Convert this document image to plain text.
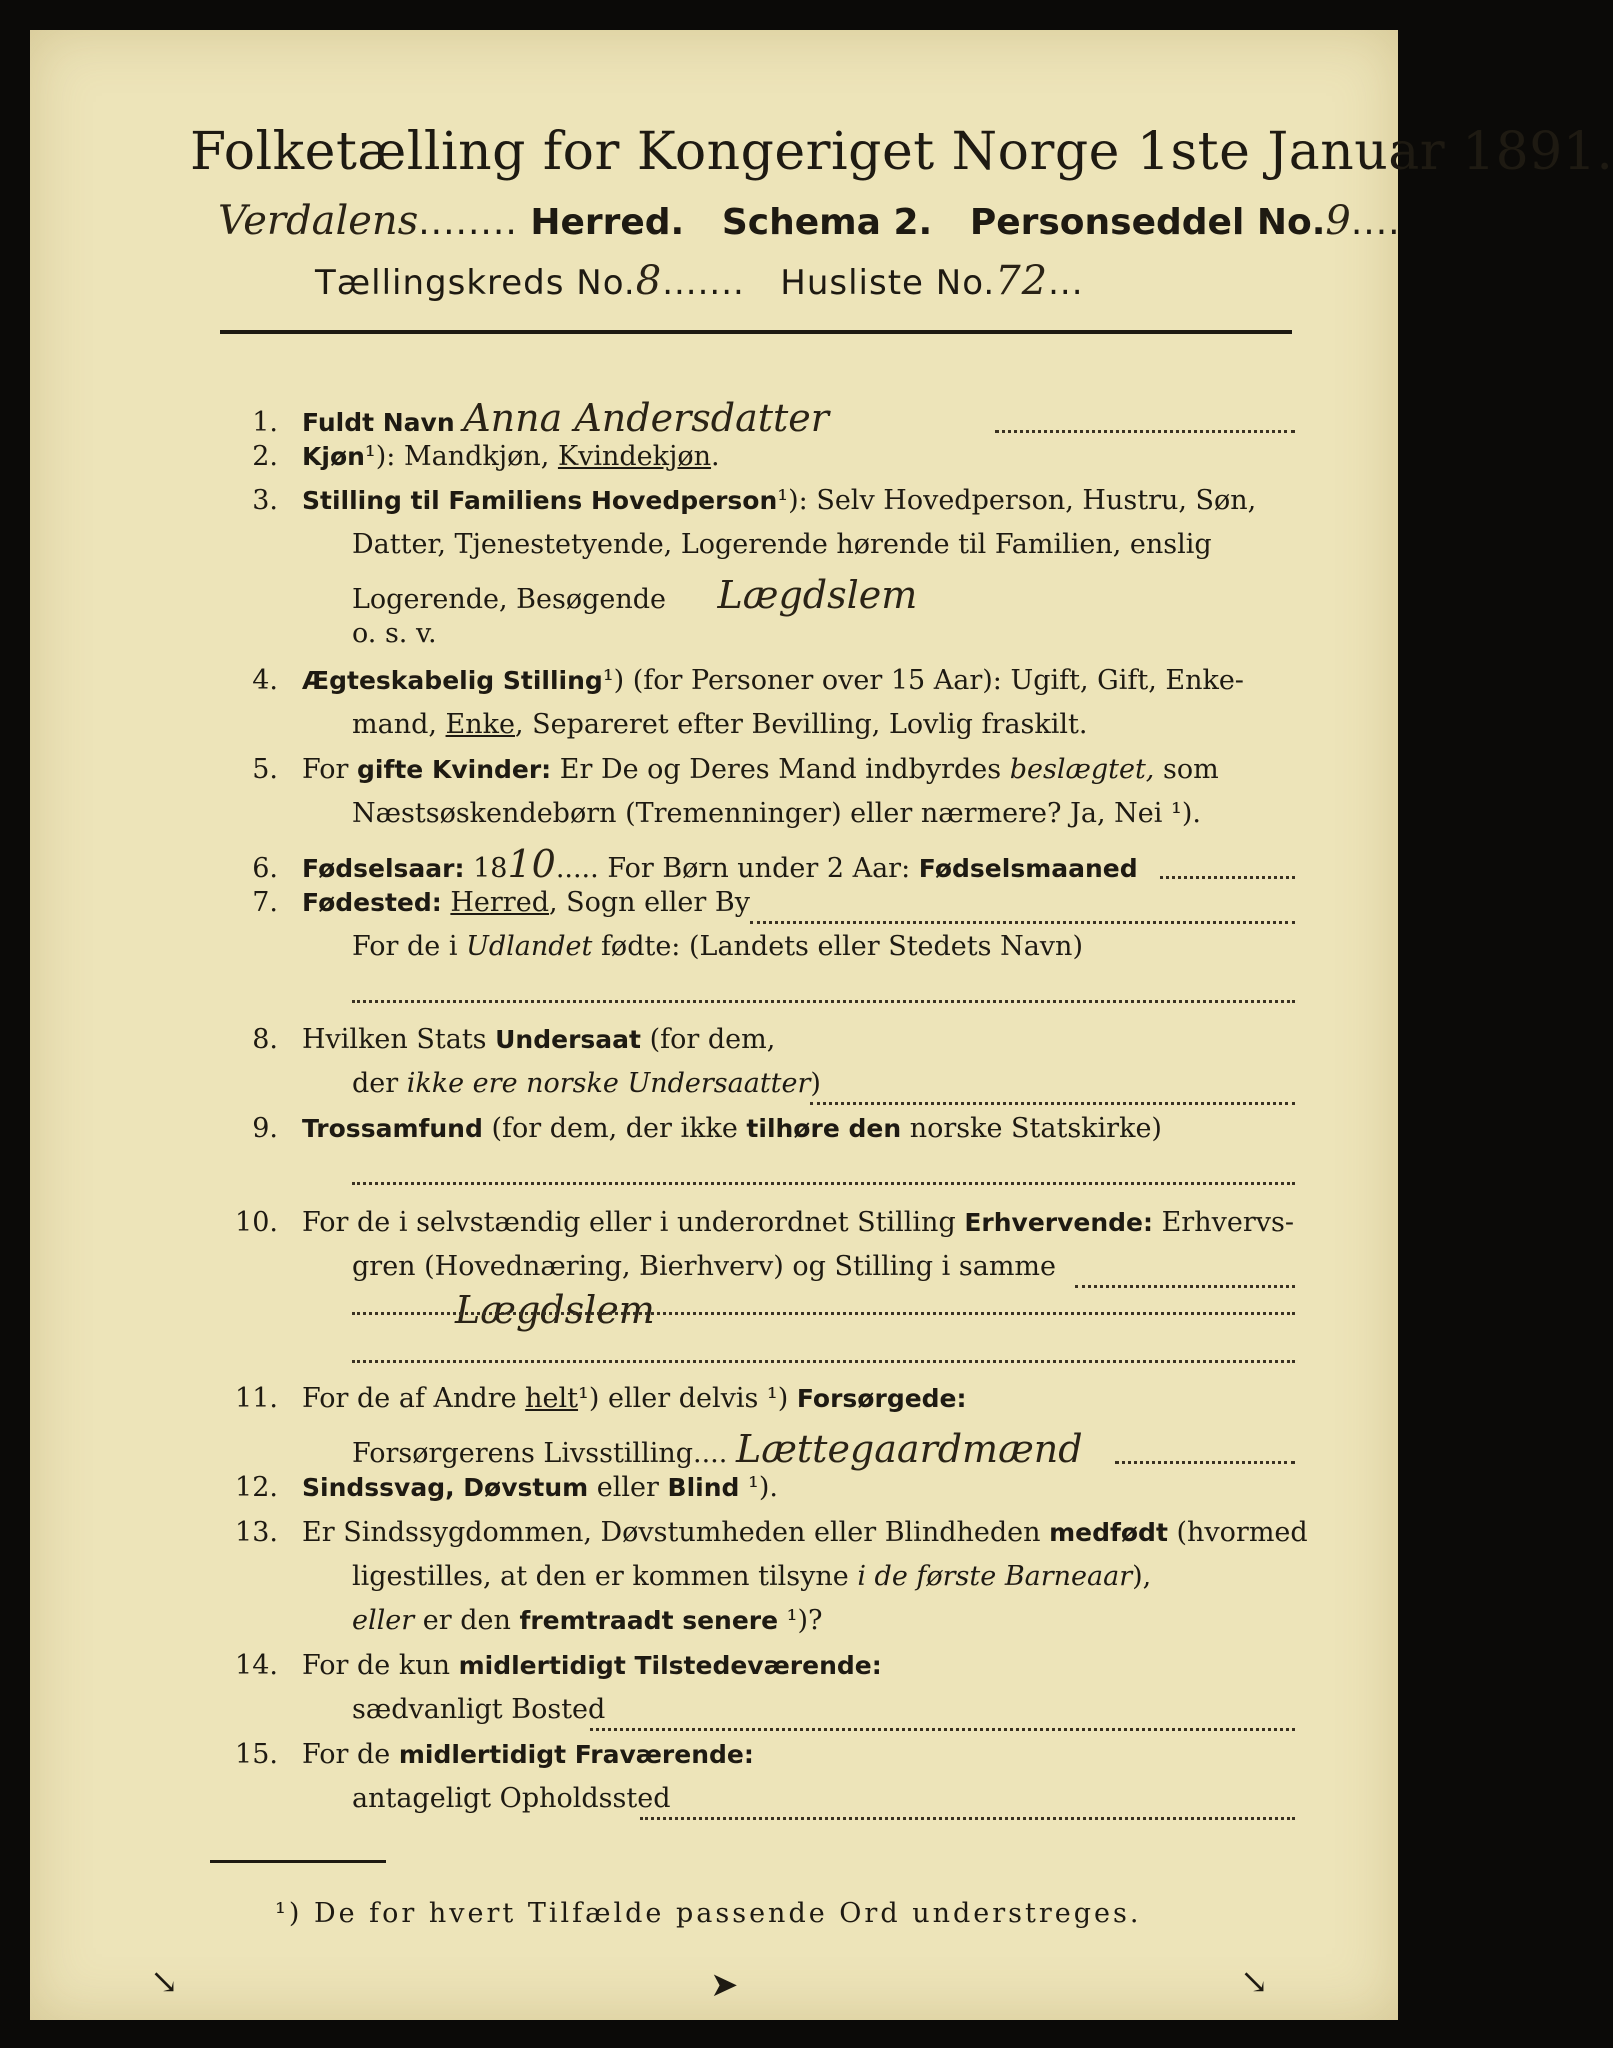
Folketælling for Kongeriget Norge 1ste Januar 1891.
Verdalens........ Herred. Schema 2. Personseddel No.9....
Tællingskreds No.8....... Husliste No.72...
1. Fuldt Navn Anna Andersdatter
2. Kjøn¹): Mandkjøn, Kvindekjøn.
3. Stilling til Familiens Hovedperson¹): Selv Hovedperson, Hustru, Søn,
Datter, Tjenestetyende, Logerende hørende til Familien, enslig
Logerende, Besøgende Lægdslem
o. s. v.
4. Ægteskabelig Stilling¹) (for Personer over 15 Aar): Ugift, Gift, Enke-
mand, Enke, Separeret efter Bevilling, Lovlig fraskilt.
5. For gifte Kvinder: Er De og Deres Mand indbyrdes beslægtet, som
Næstsøskendebørn (Tremenninger) eller nærmere? Ja, Nei ¹).
6. Fødselsaar: 1810..... For Børn under 2 Aar: Fødselsmaaned
7. Fødested: Herred, Sogn eller By
For de i Udlandet fødte: (Landets eller Stedets Navn)
8. Hvilken Stats Undersaat (for dem,
der ikke ere norske Undersaatter)
9. Trossamfund (for dem, der ikke tilhøre den norske Statskirke)
10. For de i selvstændig eller i underordnet Stilling Erhvervende: Erhvervs-
gren (Hovednæring, Bierhverv) og Stilling i samme
Lægdslem
11. For de af Andre helt¹) eller delvis ¹) Forsørgede:
Forsørgerens Livsstilling.... Lættegaardmænd
12. Sindssvag, Døvstum eller Blind ¹).
13. Er Sindssygdommen, Døvstumheden eller Blindheden medfødt (hvormed
ligestilles, at den er kommen tilsyne i de første Barneaar),
eller er den fremtraadt senere ¹)?
14. For de kun midlertidigt Tilstedeværende:
sædvanligt Bosted
15. For de midlertidigt Fraværende:
antageligt Opholdssted
¹) De for hvert Tilfælde passende Ord understreges.
↘	➤	↘
